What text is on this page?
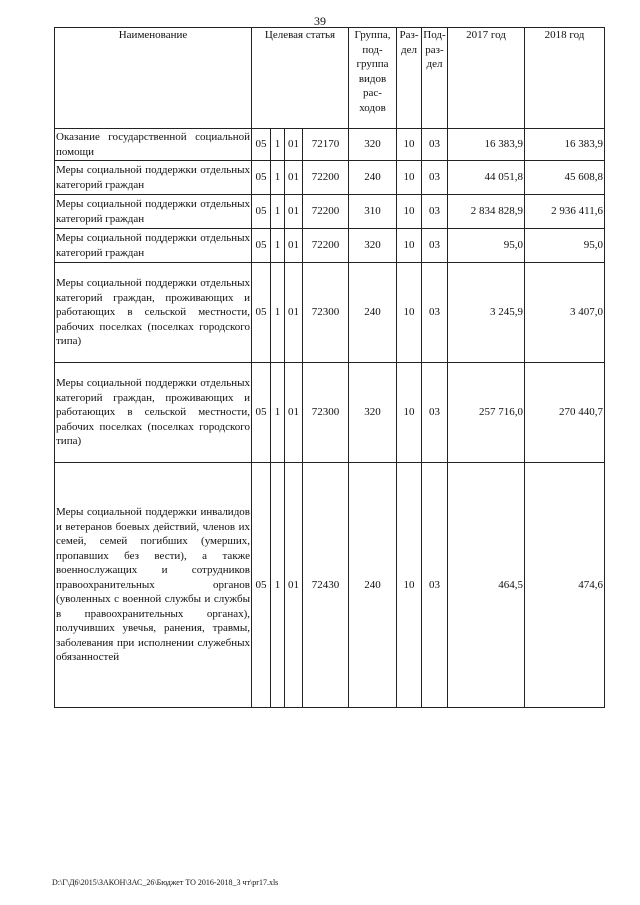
39
Наименование	Целевая статья				Группа, под-группа видов рас-ходов	Раз-дел	Под-раз-дел	2017 год	2018 год
Оказание государственной социальной помощи	05	1	01	72170	320	10	03	16 383,9	16 383,9
Меры социальной поддержки отдельных категорий граждан	05	1	01	72200	240	10	03	44 051,8	45 608,8
Меры социальной поддержки отдельных категорий граждан	05	1	01	72200	310	10	03	2 834 828,9	2 936 411,6
Меры социальной поддержки отдельных категорий граждан	05	1	01	72200	320	10	03	95,0	95,0
Меры социальной поддержки отдельных категорий граждан, проживающих и работающих в сельской местности, рабочих поселках (поселках городского типа)	05	1	01	72300	240	10	03	3 245,9	3 407,0
Меры социальной поддержки отдельных категорий граждан, проживающих и работающих в сельской местности, рабочих поселках (поселках городского типа)	05	1	01	72300	320	10	03	257 716,0	270 440,7
Меры социальной поддержки инвалидов и ветеранов боевых действий, членов их семей, семей погибших (умерших, пропавших без вести), а также военнослужащих и сотрудников правоохранительных органов (уволенных с военной службы и службы в правоохранительных органах), получивших увечья, ранения, травмы, заболевания при исполнении служебных обязанностей	05	1	01	72430	240	10	03	464,5	474,6
D:\Г\Д6\2015\ЗАКОН\ЗАС_26\Бюджет ТО 2016-2018_3 чт\pr17.xls
